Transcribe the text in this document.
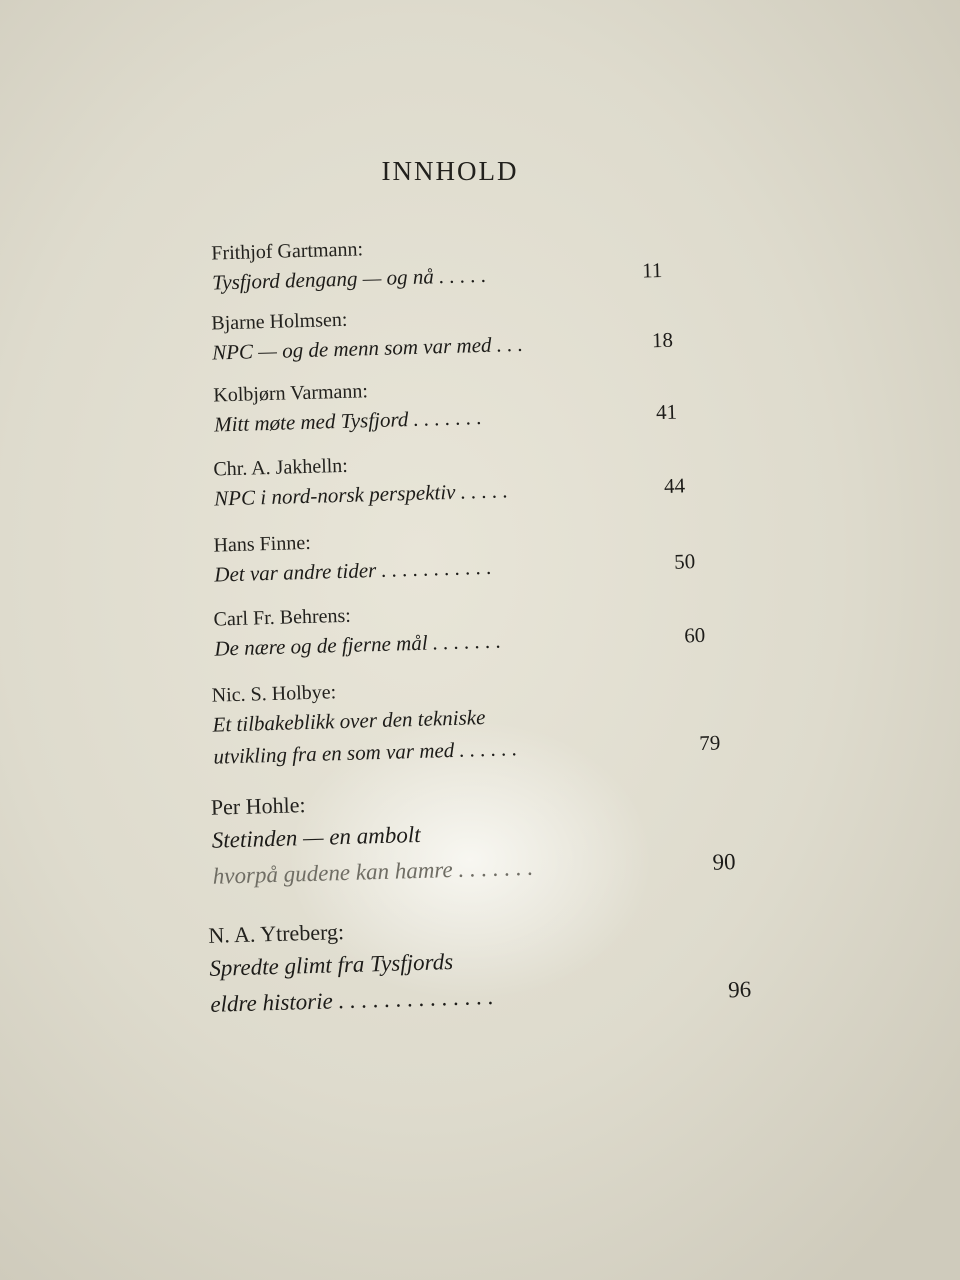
INNHOLD
Frithjof Gartmann:
Tysfjord dengang — og nå . . . . .	11
Bjarne Holmsen:
NPC — og de menn som var med . . .	18
Kolbjørn Varmann:
Mitt møte med Tysfjord . . . . . . .	41
Chr. A. Jakhelln:
NPC i nord-norsk perspektiv . . . . .	44
Hans Finne:
Det var andre tider . . . . . . . . . . .	50
Carl Fr. Behrens:
De nære og de fjerne mål . . . . . . .	60
Nic. S. Holbye:
Et tilbakeblikk over den tekniske
utvikling fra en som var med . . . . . .	79
Per Hohle:
Stetinden — en ambolt
hvorpå gudene kan hamre . . . . . . .	90
N. A. Ytreberg:
Spredte glimt fra Tysfjords
eldre historie . . . . . . . . . . . . . .	96
